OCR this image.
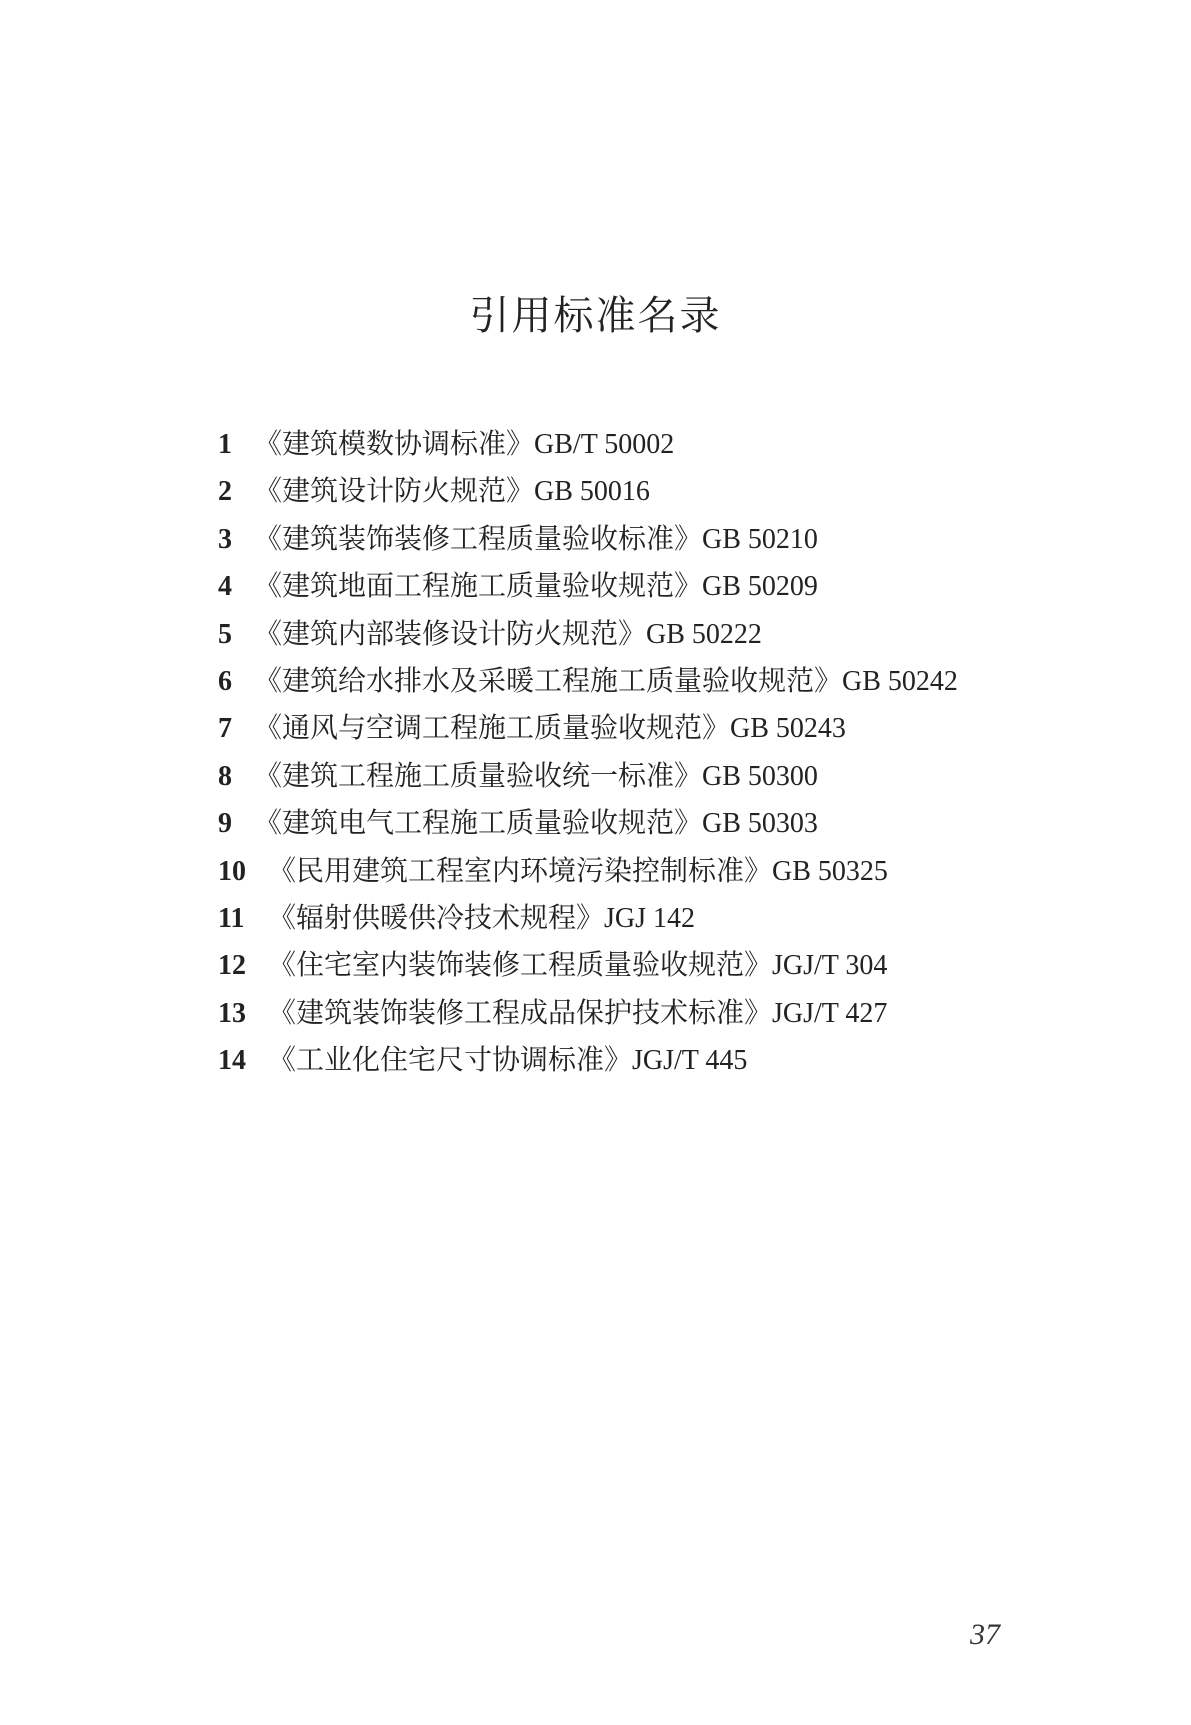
引用标准名录
1 《建筑模数协调标准》GB/T 50002
2 《建筑设计防火规范》GB 50016
3 《建筑装饰装修工程质量验收标准》GB 50210
4 《建筑地面工程施工质量验收规范》GB 50209
5 《建筑内部装修设计防火规范》GB 50222
6 《建筑给水排水及采暖工程施工质量验收规范》GB 50242
7 《通风与空调工程施工质量验收规范》GB 50243
8 《建筑工程施工质量验收统一标准》GB 50300
9 《建筑电气工程施工质量验收规范》GB 50303
10 《民用建筑工程室内环境污染控制标准》GB 50325
11 《辐射供暖供冷技术规程》JGJ 142
12 《住宅室内装饰装修工程质量验收规范》JGJ/T 304
13 《建筑装饰装修工程成品保护技术标准》JGJ/T 427
14 《工业化住宅尺寸协调标准》JGJ/T 445
37
